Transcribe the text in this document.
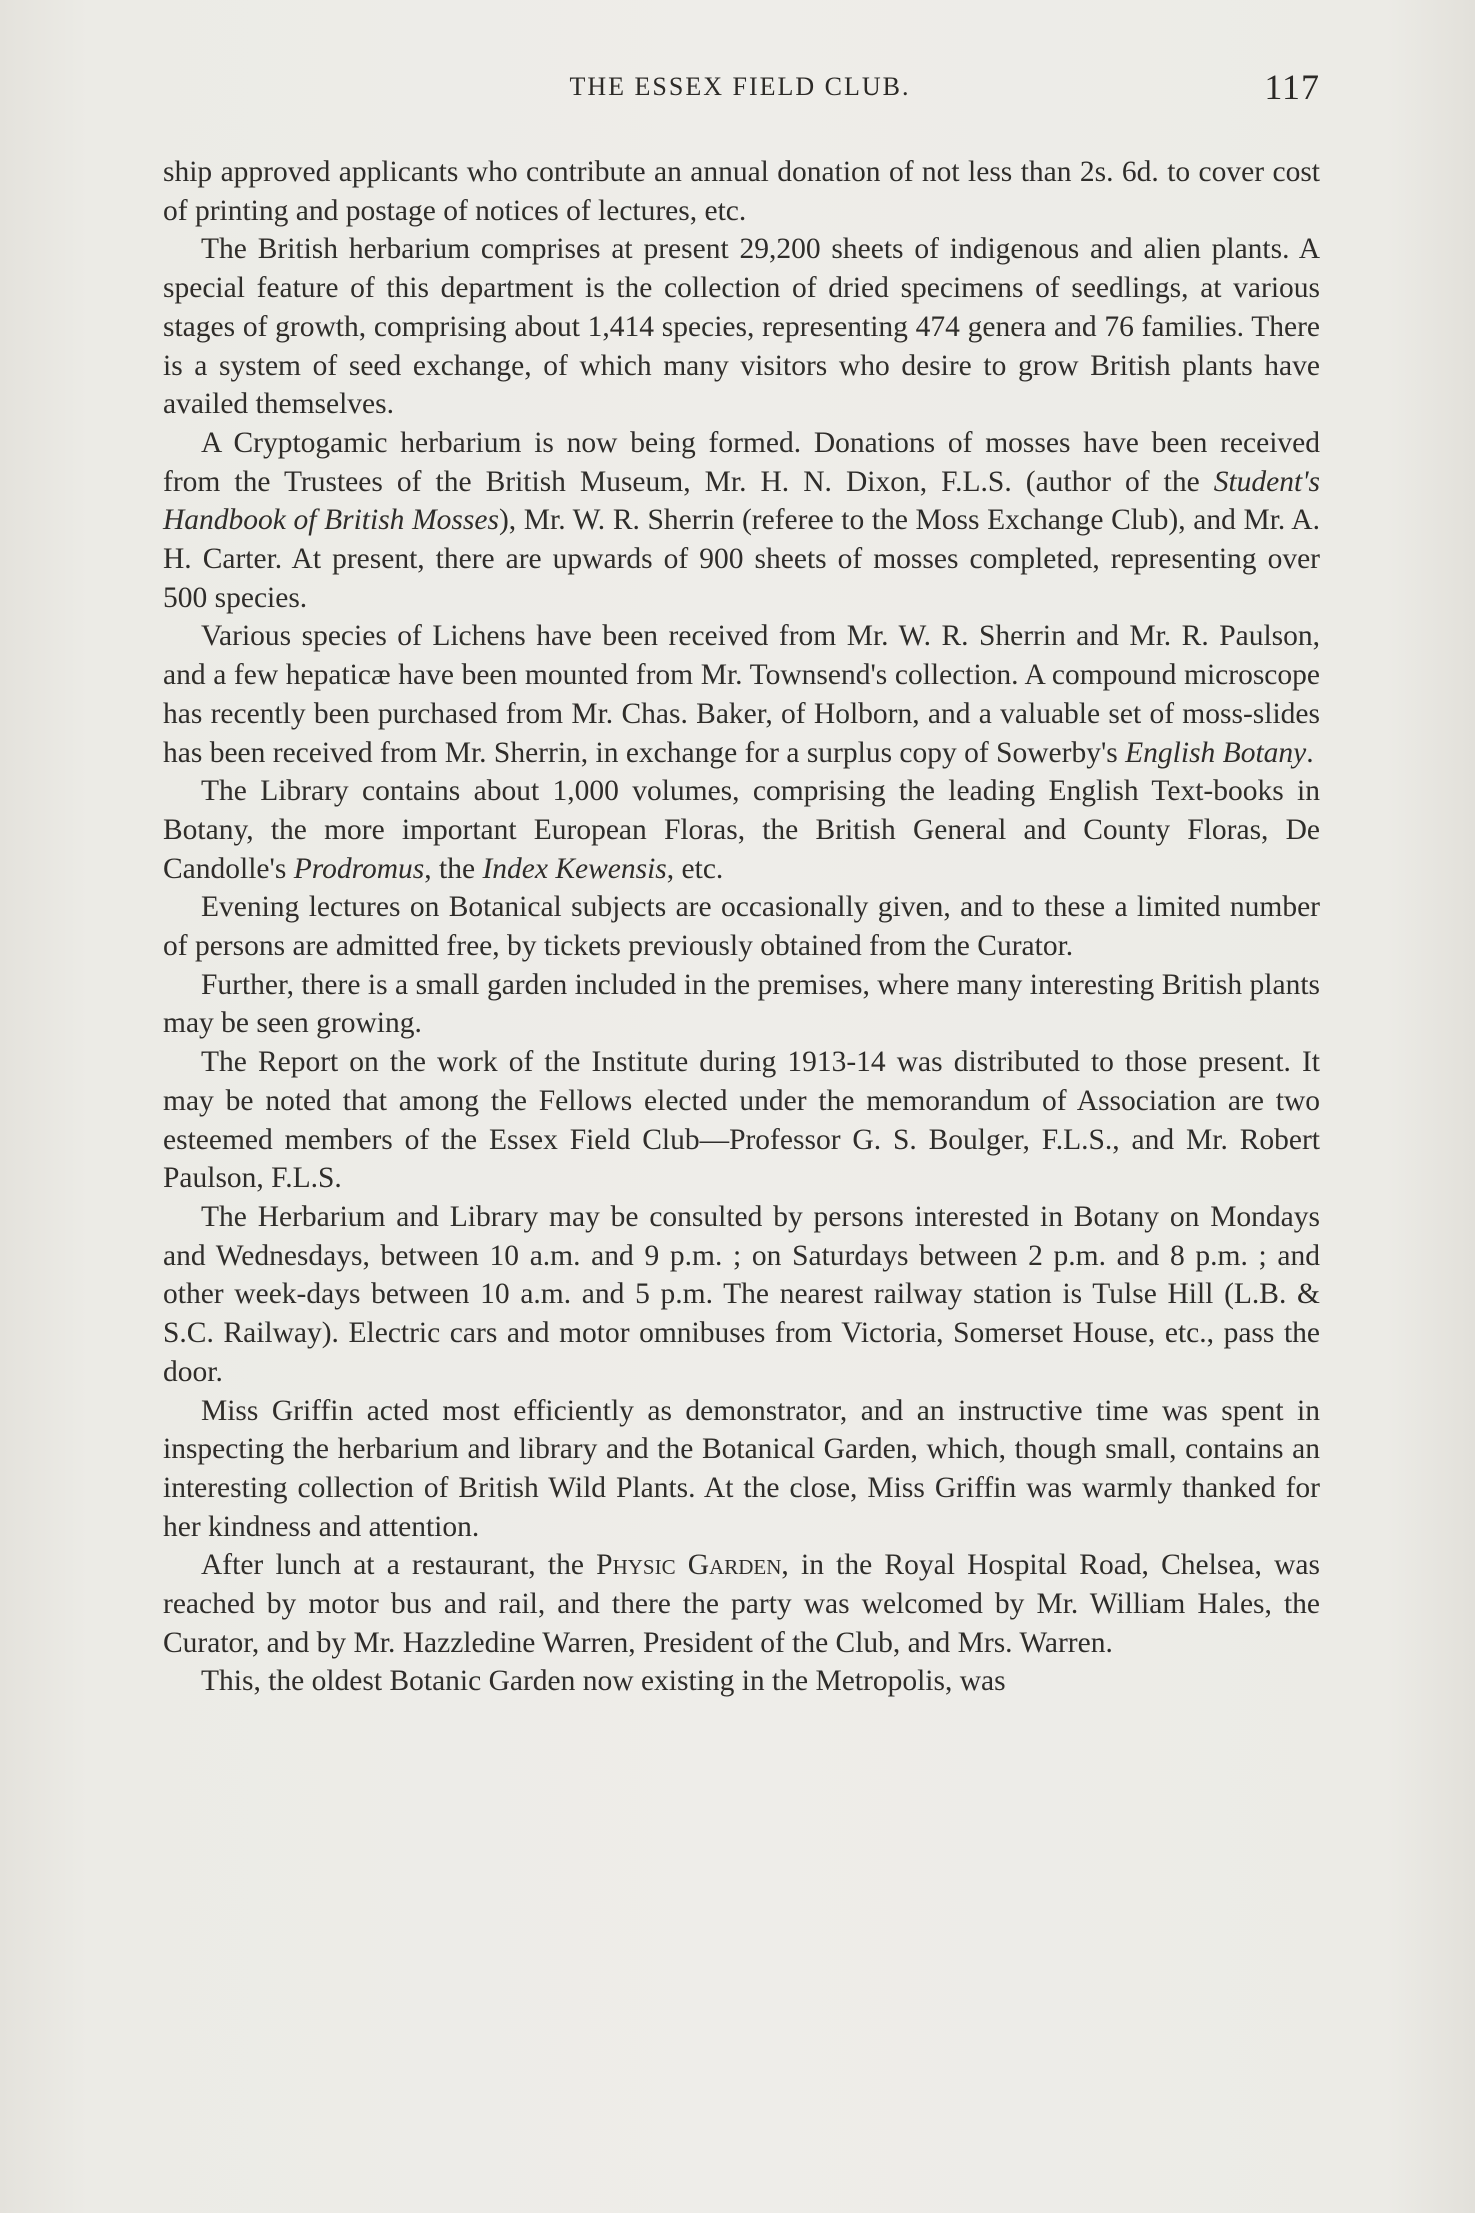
THE ESSEX FIELD CLUB.	117

ship approved applicants who contribute an annual donation of not less than 2s. 6d. to cover cost of printing and postage of notices of lectures, etc.

The British herbarium comprises at present 29,200 sheets of indigenous and alien plants. A special feature of this department is the collection of dried specimens of seedlings, at various stages of growth, comprising about 1,414 species, representing 474 genera and 76 families. There is a system of seed exchange, of which many visitors who desire to grow British plants have availed themselves.

A Cryptogamic herbarium is now being formed. Donations of mosses have been received from the Trustees of the British Museum, Mr. H. N. Dixon, F.L.S. (author of the Student's Handbook of British Mosses), Mr. W. R. Sherrin (referee to the Moss Exchange Club), and Mr. A. H. Carter. At present, there are upwards of 900 sheets of mosses completed, representing over 500 species.

Various species of Lichens have been received from Mr. W. R. Sherrin and Mr. R. Paulson, and a few hepaticæ have been mounted from Mr. Townsend's collection. A compound microscope has recently been purchased from Mr. Chas. Baker, of Holborn, and a valuable set of moss-slides has been received from Mr. Sherrin, in exchange for a surplus copy of Sowerby's English Botany.

The Library contains about 1,000 volumes, comprising the leading English Text-books in Botany, the more important European Floras, the British General and County Floras, De Candolle's Prodromus, the Index Kewensis, etc.

Evening lectures on Botanical subjects are occasionally given, and to these a limited number of persons are admitted free, by tickets previously obtained from the Curator.

Further, there is a small garden included in the premises, where many interesting British plants may be seen growing.

The Report on the work of the Institute during 1913-14 was distributed to those present. It may be noted that among the Fellows elected under the memorandum of Association are two esteemed members of the Essex Field Club—Professor G. S. Boulger, F.L.S., and Mr. Robert Paulson, F.L.S.

The Herbarium and Library may be consulted by persons interested in Botany on Mondays and Wednesdays, between 10 a.m. and 9 p.m. ; on Saturdays between 2 p.m. and 8 p.m. ; and other week-days between 10 a.m. and 5 p.m. The nearest railway station is Tulse Hill (L.B. & S.C. Railway). Electric cars and motor omnibuses from Victoria, Somerset House, etc., pass the door.

Miss Griffin acted most efficiently as demonstrator, and an instructive time was spent in inspecting the herbarium and library and the Botanical Garden, which, though small, contains an interesting collection of British Wild Plants. At the close, Miss Griffin was warmly thanked for her kindness and attention.

After lunch at a restaurant, the Physic Garden, in the Royal Hospital Road, Chelsea, was reached by motor bus and rail, and there the party was welcomed by Mr. William Hales, the Curator, and by Mr. Hazzledine Warren, President of the Club, and Mrs. Warren.

This, the oldest Botanic Garden now existing in the Metropolis, was
